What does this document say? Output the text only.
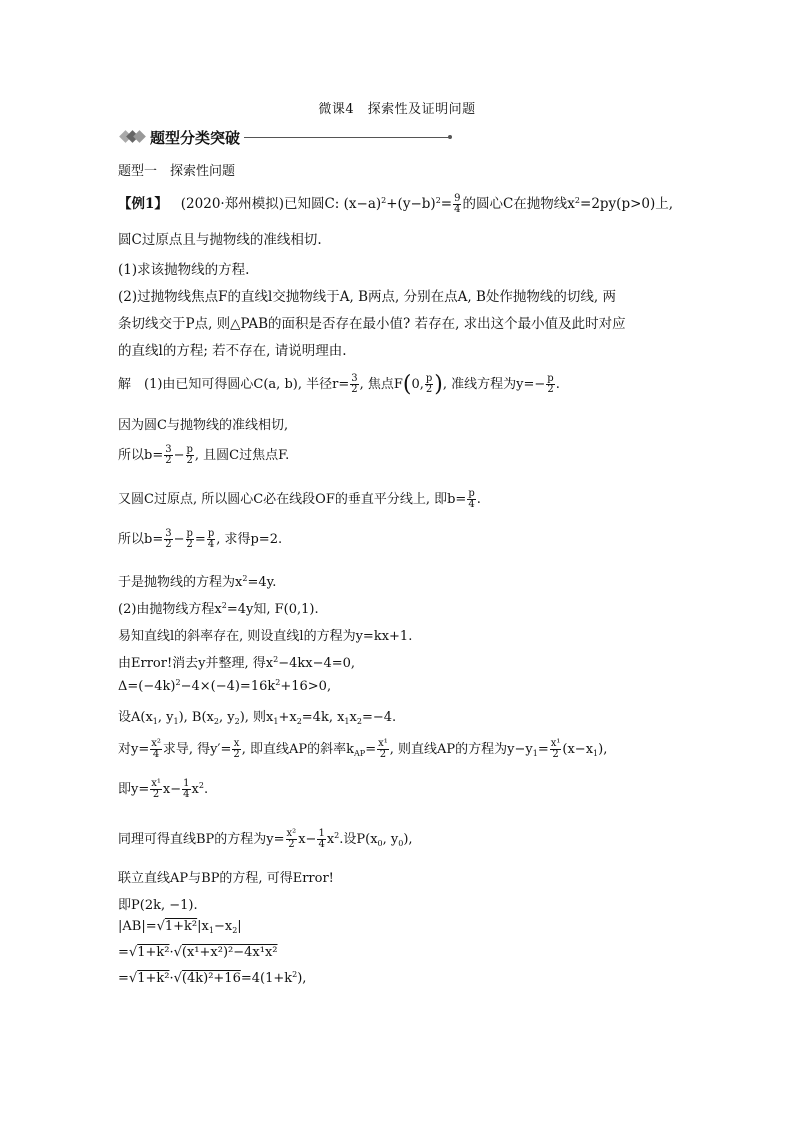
微课4　探索性及证明问题
题型分类突破
题型一　探索性问题
【例1】 (2020·郑州模拟)已知圆C: $(x-a)^2+(y-b)^2= \frac{9}{4}$ 的圆心C在抛物线$x^2=2py(p>0)$上,
圆C过原点且与抛物线的准线相切.
(1)求该抛物线的方程.
(2)过抛物线焦点F的直线l交抛物线于A, B两点, 分别在点A, B处作抛物线的切线, 两
条切线交于P点, 则△PAB的面积是否存在最小值? 若存在, 求出这个最小值及此时对应
的直线l的方程; 若不存在, 请说明理由.
解　(1)由已知可得圆心C(a, b), 半径$r= \frac{3}{2}$ , 焦点F(0, $\frac{p}{2}$ ), 准线方程为$y=- \frac{p}{2}$ .
因为圆C与抛物线的准线相切,
所以$b= \frac{3}{2} - \frac{p}{2}$ , 且圆C过焦点F.
又圆C过原点, 所以圆心C必在线段OF的垂直平分线上, 即$b= \frac{p}{4}$ .
所以$b= \frac{3}{2} - \frac{p}{2} = \frac{p}{4}$ , 求得p=2.
于是抛物线的方程为$x^2=4y$.
(2)由抛物线方程$x^2=4y$知, F(0,1).
易知直线l的斜率存在, 则设直线l的方程为y=kx+1.
由Error!消去y并整理, 得$x^2-4kx-4=0$,
$\Delta=(-4k)^2-4\times(-4)=16k^2+16>0$,
设$A(x_1$, $y_1$), $B(x_2$, $y_2$), 则$x_1+x_2=4k$, $x_1x_2=-4$.
对$y= \frac{\text{x²}}{4}$ 求导, 得$y'= \frac{x}{2}$ , 即直线AP的斜率$k_{AP}= \frac{\text{x¹}}{2}$ , 则直线AP的方程为$y-y_1= \frac{\text{x¹}}{2} (x-x_1)$,
即$y= \frac{\text{x¹}}{2} x- \frac{1}{4} x^2$.
同理可得直线BP的方程为$y= \frac{\text{x²}}{2} x- \frac{1}{4} x^2$.设$P(x_0$, $y_0$),
联立直线AP与BP的方程, 可得Error!
即P(2k, −1).
$|AB|=√1+k^2|x_1-x_2|$
=√1+k²·√(x¹+x²)²−4x¹x²
$=√1+k^2\cdot√(4k)^2+16=4(1+k^2)$,
